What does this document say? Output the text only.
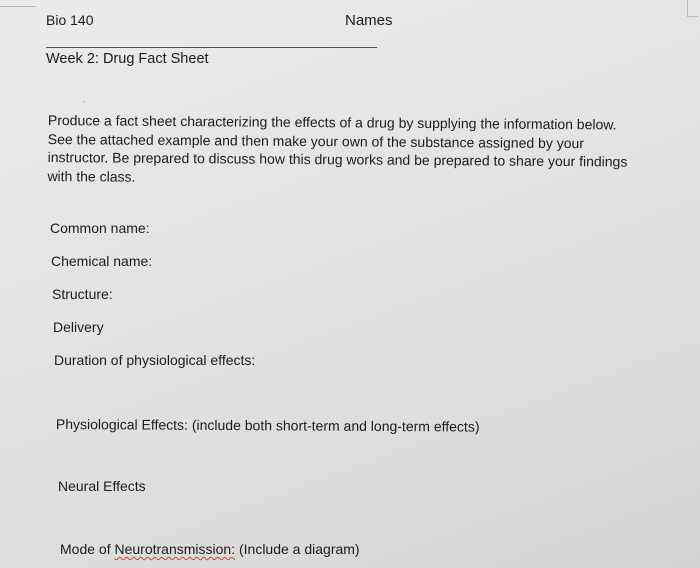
Bio 140	Names
Week 2: Drug Fact Sheet
·
Produce a fact sheet characterizing the effects of a drug by supplying the information below.
See the attached example and then make your own of the substance assigned by your
instructor. Be prepared to discuss how this drug works and be prepared to share your findings
with the class.
Common name:
Chemical name:
Structure:
Delivery
Duration of physiological effects:
Physiological Effects: (include both short-term and long-term effects)
Neural Effects
Mode of Neurotransmission: (Include a diagram)
